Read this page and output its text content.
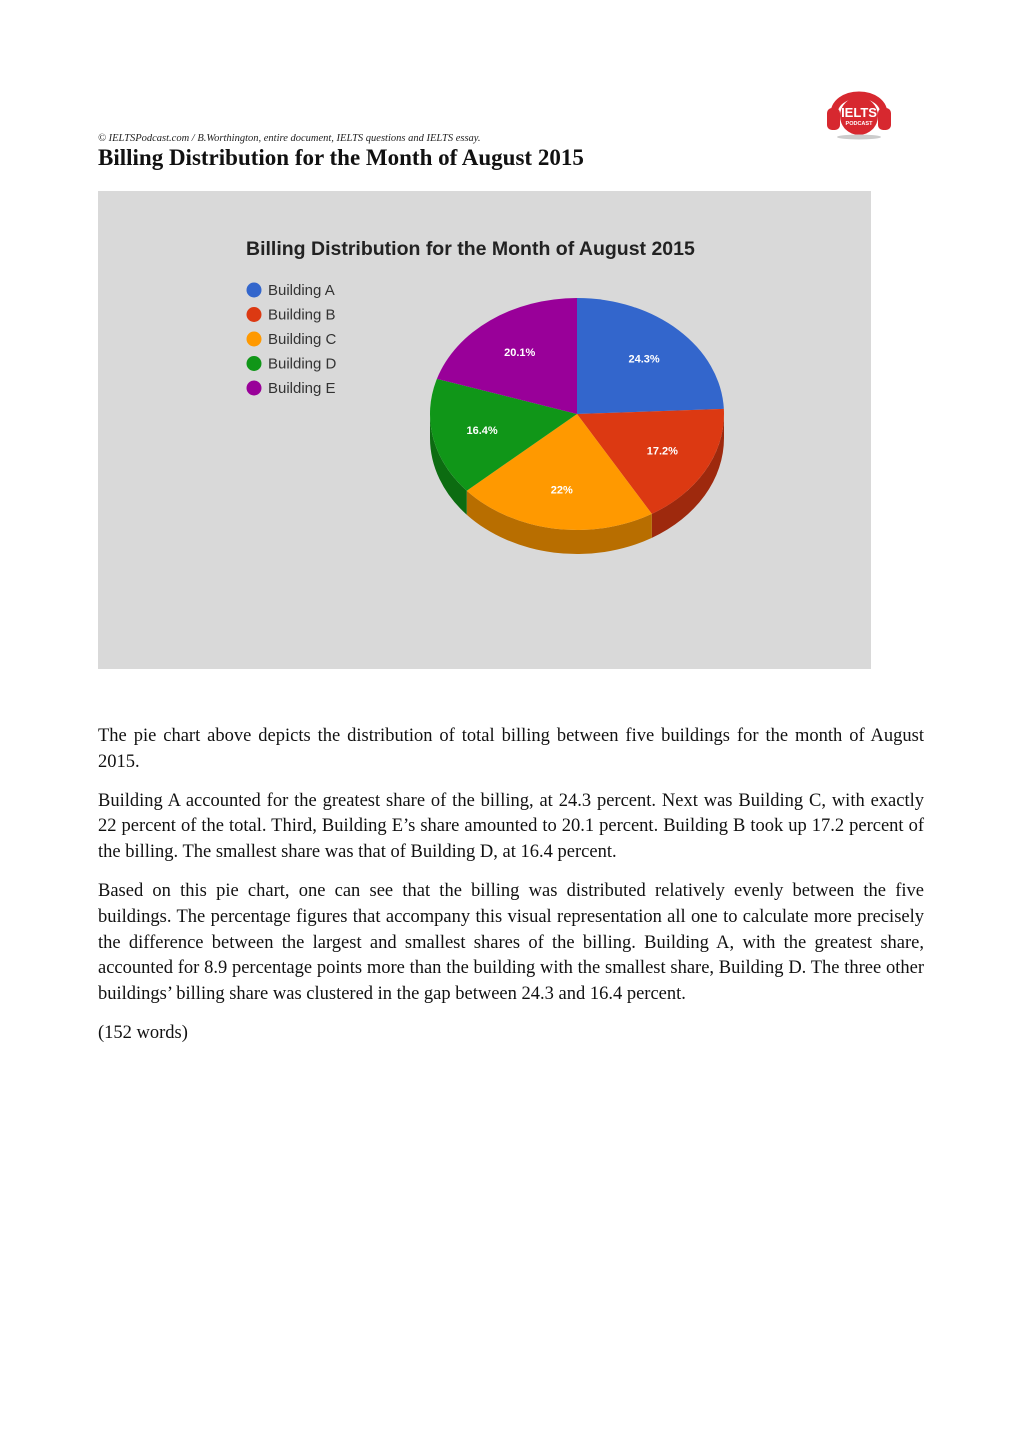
IELTS
PODCAST
© IELTSPodcast.com / B.Worthington, entire document, IELTS questions and IELTS essay.
Billing Distribution for the Month of August 2015
Billing Distribution for the Month of August 2015
Building A
Building B
Building C
Building D
Building E
24.3%
17.2%
22%
16.4%
20.1%

The pie chart above depicts the distribution of total billing between five buildings for the month of August 2015.

Building A accounted for the greatest share of the billing, at 24.3 percent. Next was Building C, with exactly 22 percent of the total. Third, Building E’s share amounted to 20.1 percent. Building B took up 17.2 percent of the billing. The smallest share was that of Building D, at 16.4 percent.

Based on this pie chart, one can see that the billing was distributed relatively evenly between the five buildings. The percentage figures that accompany this visual representation all one to calculate more precisely the difference between the largest and smallest shares of the billing. Building A, with the greatest share, accounted for 8.9 percentage points more than the building with the smallest share, Building D. The three other buildings’ billing share was clustered in the gap between 24.3 and 16.4 percent.

(152 words)
